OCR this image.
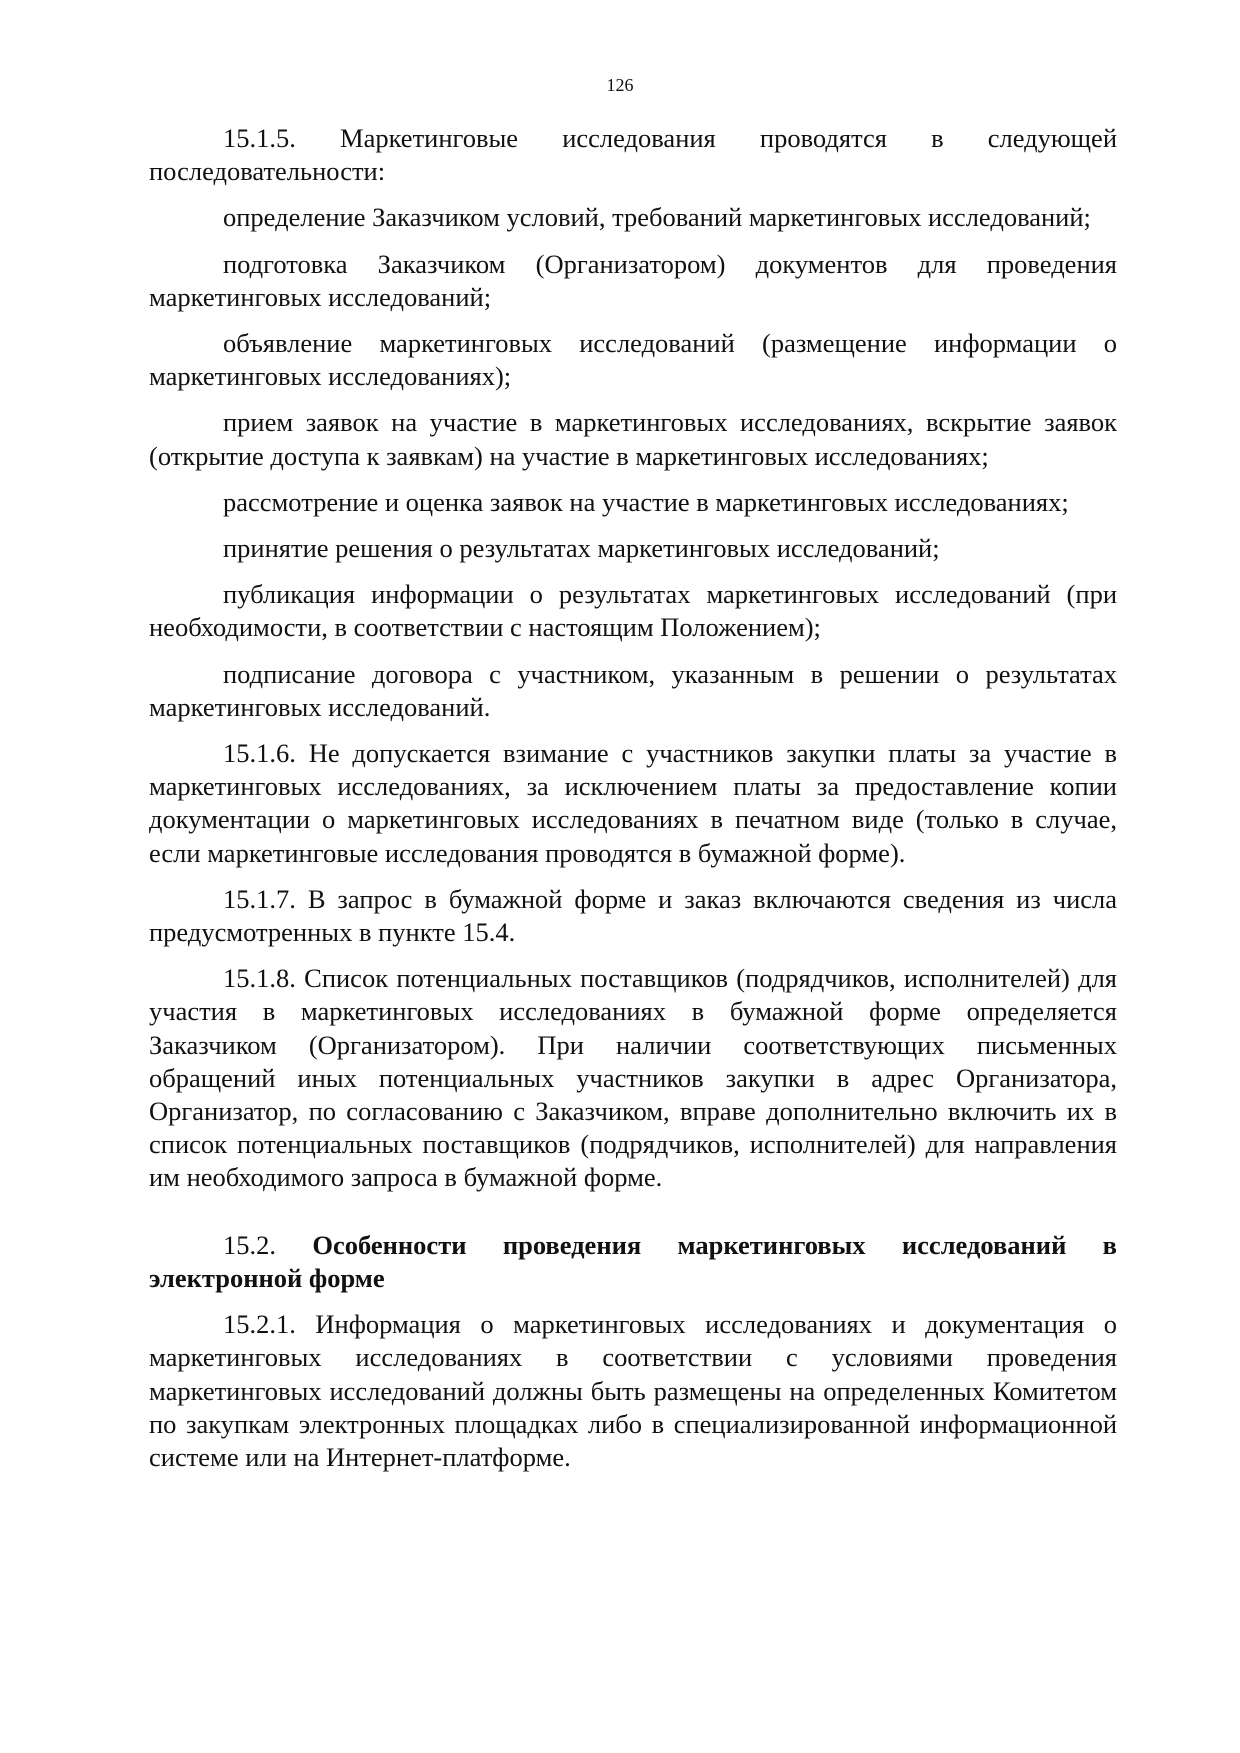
126

15.1.5. Маркетинговые исследования проводятся в следующей последовательности:

определение Заказчиком условий, требований маркетинговых исследований;

подготовка Заказчиком (Организатором) документов для проведения маркетинговых исследований;

объявление маркетинговых исследований (размещение информации о маркетинговых исследованиях);

прием заявок на участие в маркетинговых исследованиях, вскрытие заявок (открытие доступа к заявкам) на участие в маркетинговых исследованиях;

рассмотрение и оценка заявок на участие в маркетинговых исследованиях;

принятие решения о результатах маркетинговых исследований;

публикация информации о результатах маркетинговых исследований (при необходимости, в соответствии с настоящим Положением);

подписание договора с участником, указанным в решении о результатах маркетинговых исследований.

15.1.6. Не допускается взимание с участников закупки платы за участие в маркетинговых исследованиях, за исключением платы за предоставление копии документации о маркетинговых исследованиях в печатном виде (только в случае, если маркетинговые исследования проводятся в бумажной форме).

15.1.7. В запрос в бумажной форме и заказ включаются сведения из числа предусмотренных в пункте 15.4.

15.1.8. Список потенциальных поставщиков (подрядчиков, исполнителей) для участия в маркетинговых исследованиях в бумажной форме определяется Заказчиком (Организатором). При наличии соответствующих письменных обращений иных потенциальных участников закупки в адрес Организатора, Организатор, по согласованию с Заказчиком, вправе дополнительно включить их в список потенциальных поставщиков (подрядчиков, исполнителей) для направления им необходимого запроса в бумажной форме.

15.2. Особенности проведения маркетинговых исследований в электронной форме

15.2.1. Информация о маркетинговых исследованиях и документация о маркетинговых исследованиях в соответствии с условиями проведения маркетинговых исследований должны быть размещены на определенных Комитетом по закупкам электронных площадках либо в специализированной информационной системе или на Интернет-платформе.
